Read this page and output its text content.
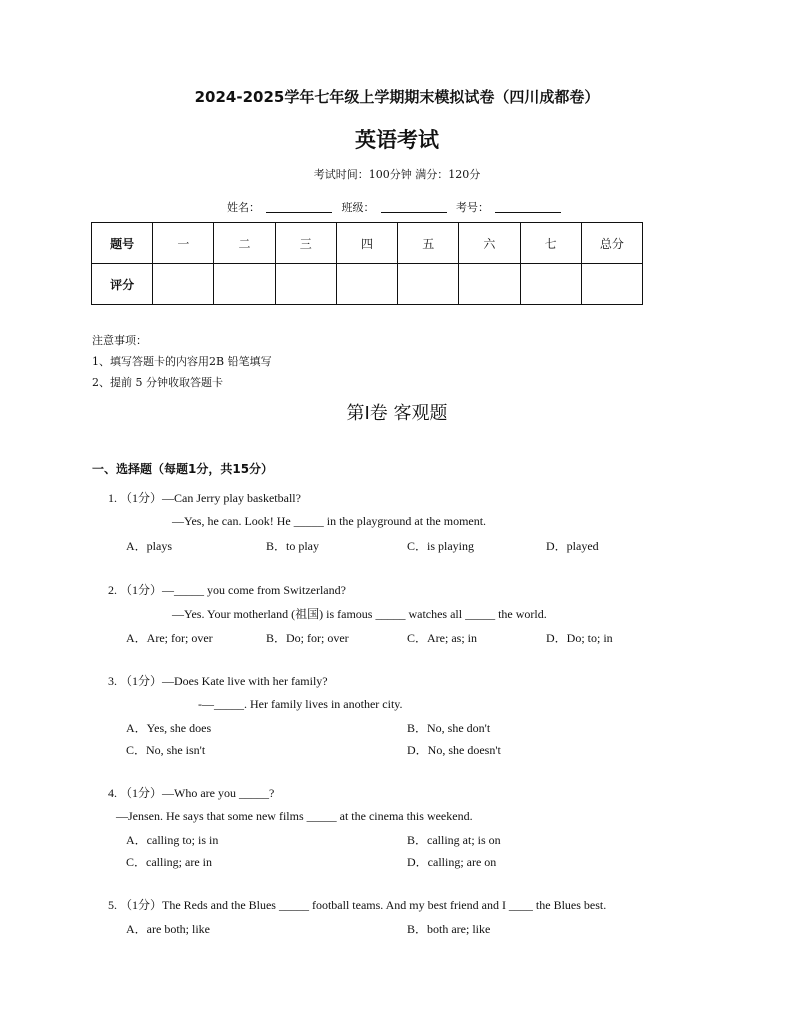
2024-2025学年七年级上学期期末模拟试卷（四川成都卷）
英语考试
考试时间：100分钟 满分：120分
姓名：	班级：	考号：
题号	一	二	三	四	五	六	七	总分
评分								
注意事项：
1、填写答题卡的内容用2B 铅笔填写
2、提前 5 分钟收取答题卡
第Ⅰ卷 客观题
一、选择题（每题1分，共15分）
1. （1分）—Can Jerry play basketball?
—Yes, he can. Look! He _____ in the playground at the moment.
A．plays	B．to play	C．is playing	D．played
2. （1分）—_____ you come from Switzerland?
—Yes. Your motherland (祖国) is famous _____ watches all _____ the world.
A．Are; for; over	B．Do; for; over	C．Are; as; in	D．Do; to; in
3. （1分）—Does Kate live with her family?
-—_____. Her family lives in another city.
A．Yes, she does	B．No, she don't
C．No, she isn't	D．No, she doesn't
4. （1分）—Who are you _____?
—Jensen. He says that some new films _____ at the cinema this weekend.
A．calling to; is in	B．calling at; is on
C．calling; are in	D．calling; are on
5. （1分）The Reds and the Blues _____ football teams. And my best friend and I ____ the Blues best.
A．are both; like	B．both are; like
